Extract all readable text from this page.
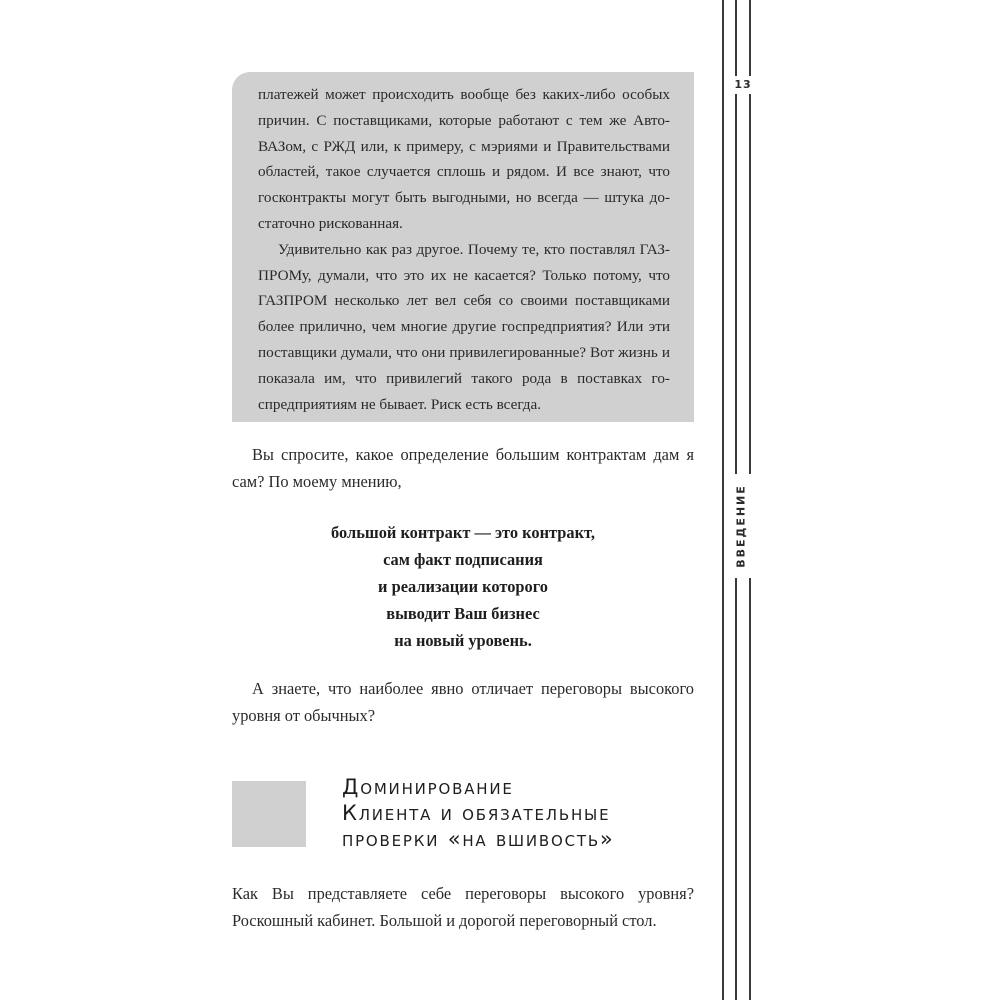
13
ВВЕДЕНИЕ

платежей может происходить вообще без каких-либо особых причин. С поставщиками, которые работают с тем же Авто- ВАЗом, с РЖД или, к примеру, с мэриями и Правительствами областей, такое случается сплошь и рядом. И все знают, что госконтракты могут быть выгодными, но всегда — штука до- статочно рискованная.

Удивительно как раз другое. Почему те, кто поставлял ГАЗ- ПРОМу, думали, что это их не касается? Только потому, что ГАЗПРОМ несколько лет вел себя со своими поставщиками более прилично, чем многие другие госпредприятия? Или эти поставщики думали, что они привилегированные? Вот жизнь и показала им, что привилегий такого рода в поставках го- спредприятиям не бывает. Риск есть всегда.

Вы спросите, какое определение большим контрактам дам я сам? По моему мнению,

большой контракт — это контракт,
сам факт подписания
и реализации которого
выводит Ваш бизнес
на новый уровень.

А знаете, что наиболее явно отличает переговоры высокого уровня от обычных?

Доминирование
Клиента и обязательные
проверки «на вшивость»

Как Вы представляете себе переговоры высокого уровня? Роскошный кабинет. Большой и дорогой переговорный стол.
